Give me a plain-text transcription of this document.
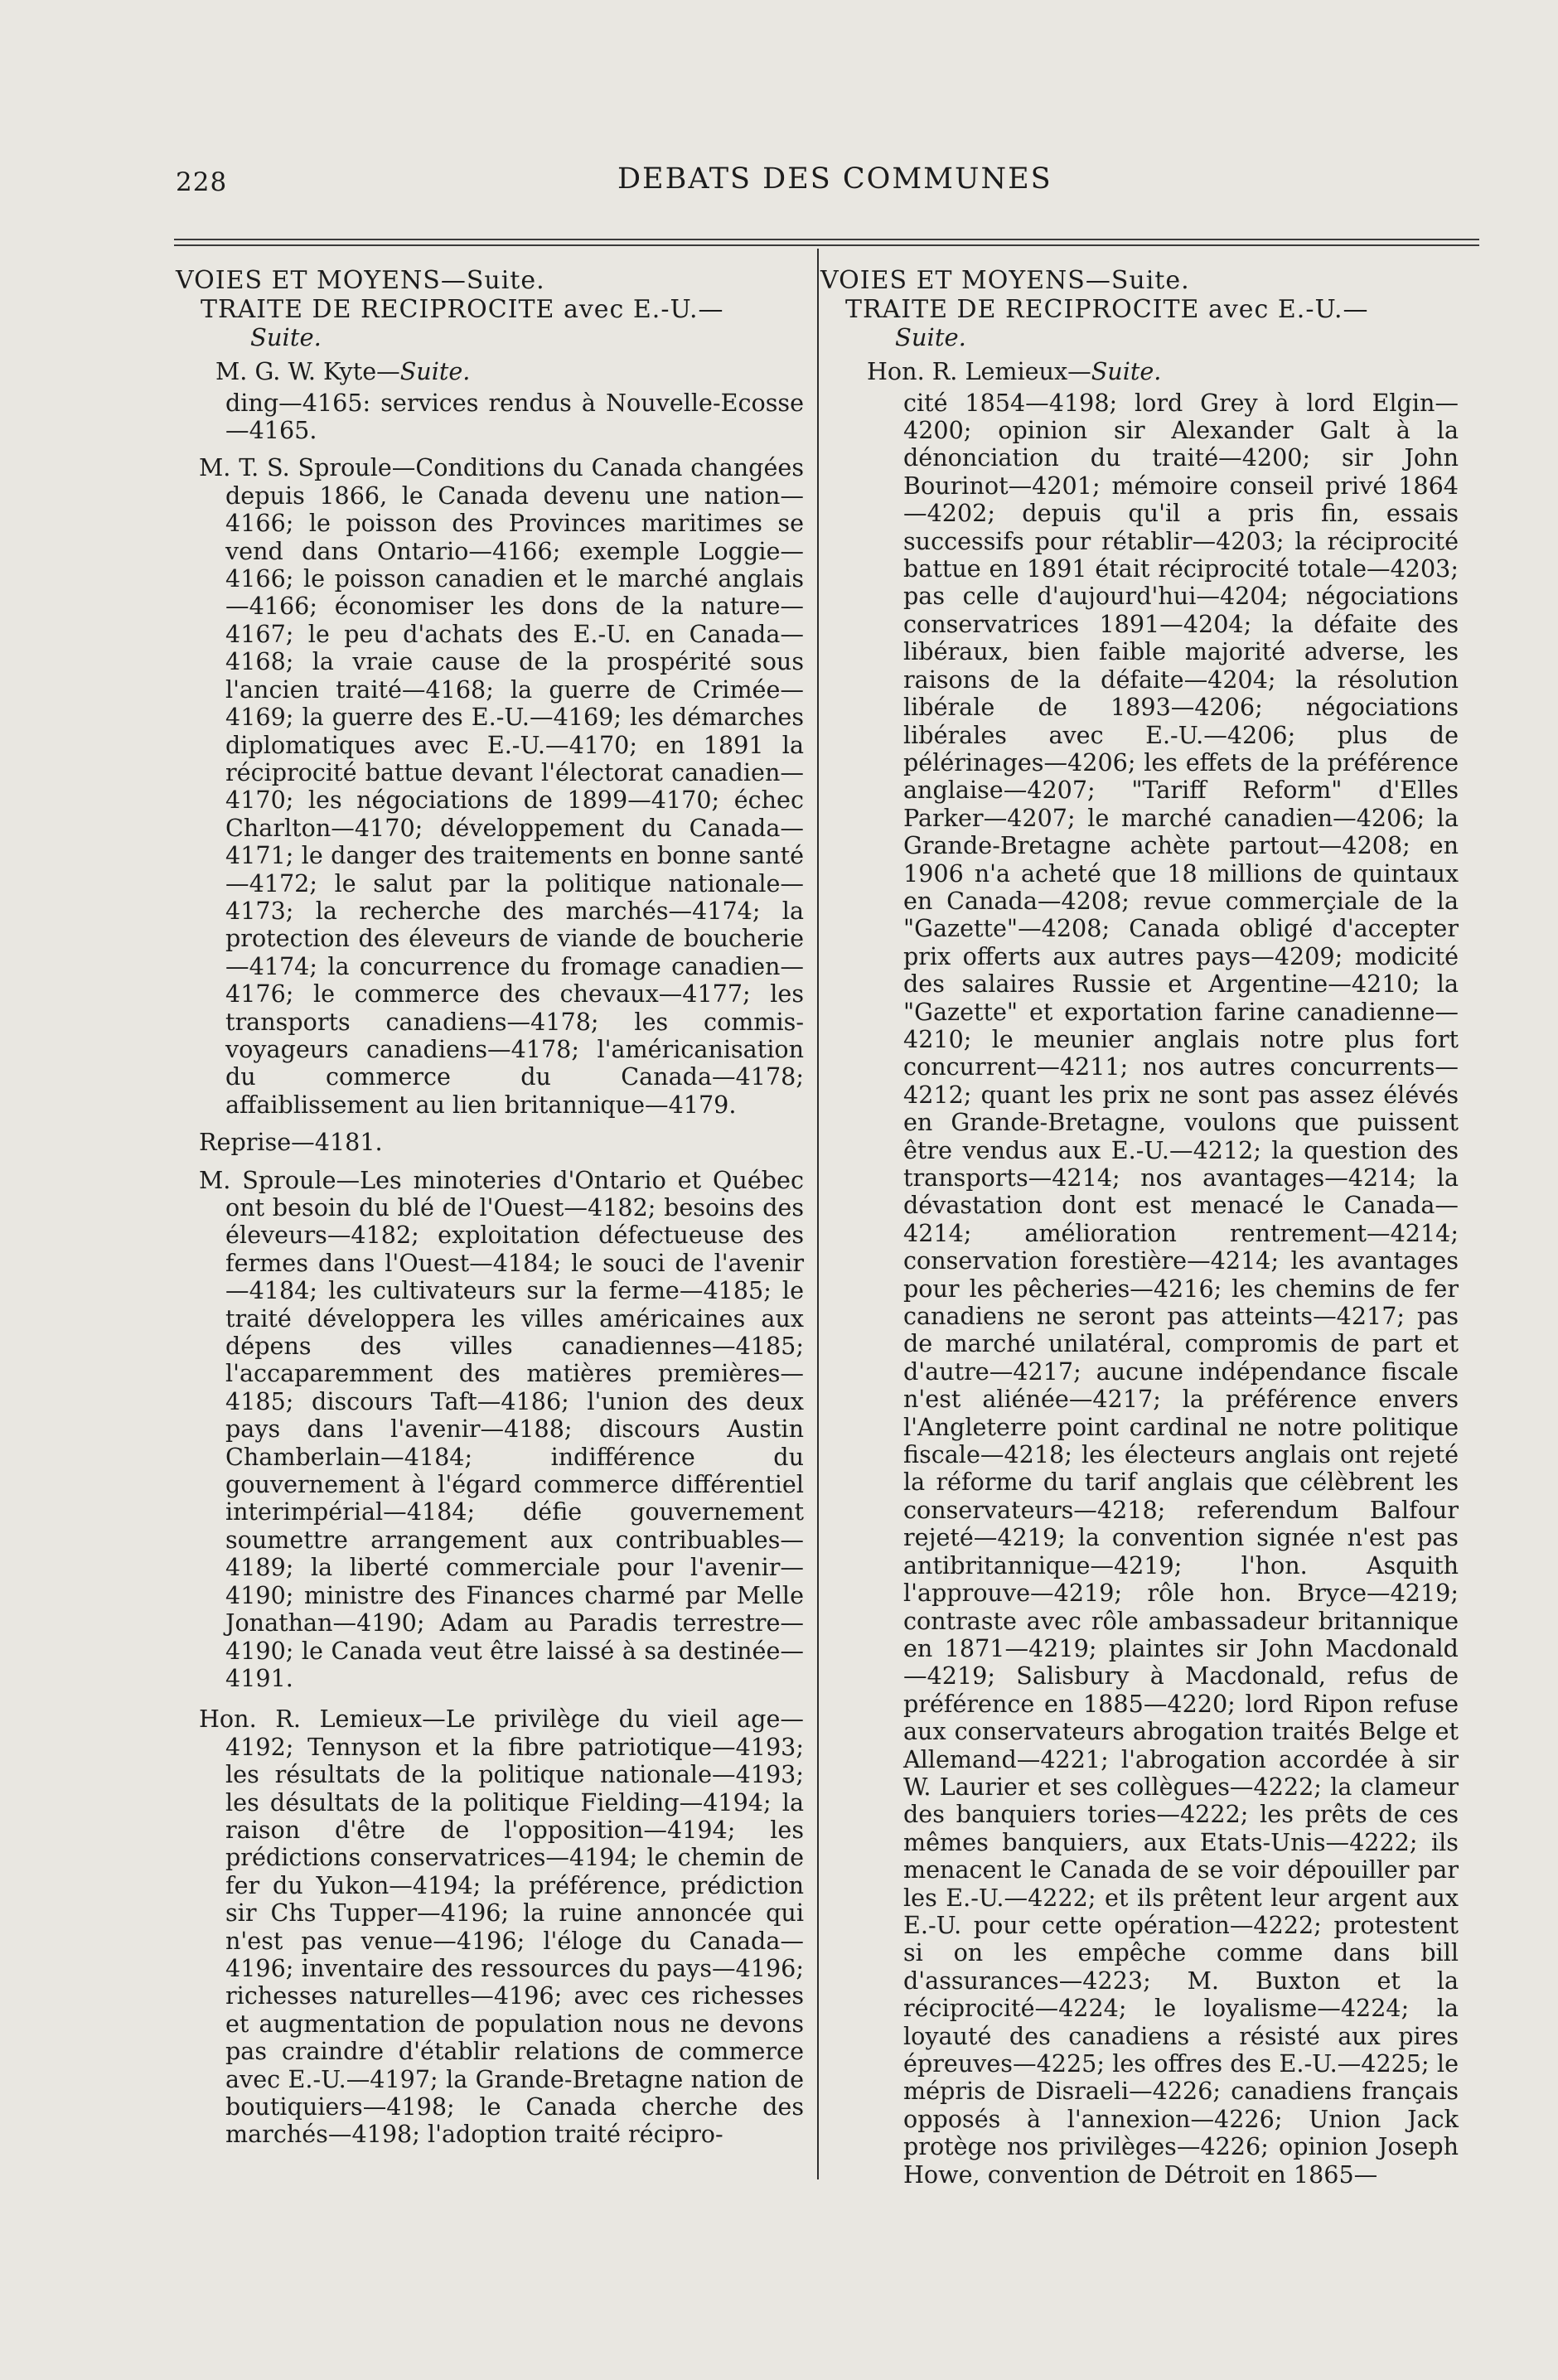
228	DEBATS DES COMMUNES
VOIES ET MOYENS—Suite.
TRAITE DE RECIPROCITE avec E.-U.—
Suite.
M. G. W. Kyte—Suite.

ding—4165: services rendus à Nouvelle-Ecosse—4165.

M. T. S. Sproule—Conditions du Canada changées depuis 1866, le Canada devenu une nation—4166; le poisson des Provinces maritimes se vend dans Ontario—4166; exemple Loggie—4166; le poisson canadien et le marché anglais—4166; économiser les dons de la nature—4167; le peu d'achats des E.-U. en Canada—4168; la vraie cause de la prospérité sous l'ancien traité—4168; la guerre de Crimée—4169; la guerre des E.-U.—4169; les démarches diplomatiques avec E.-U.—4170; en 1891 la réciprocité battue devant l'électorat canadien—4170; les négociations de 1899—4170; échec Charlton—4170; développement du Canada—4171; le danger des traitements en bonne santé—4172; le salut par la politique nationale—4173; la recherche des marchés—4174; la protection des éleveurs de viande de boucherie—4174; la concurrence du fromage canadien—4176; le commerce des chevaux—4177; les transports canadiens—4178; les commis-voyageurs canadiens—4178; l'américanisation du commerce du Canada—4178; affaiblissement au lien britannique—4179.

Reprise—4181.

M. Sproule—Les minoteries d'Ontario et Québec ont besoin du blé de l'Ouest—4182; besoins des éleveurs—4182; exploitation défectueuse des fermes dans l'Ouest—4184; le souci de l'avenir—4184; les cultivateurs sur la ferme—4185; le traité développera les villes américaines aux dépens des villes canadiennes—4185; l'accaparemment des matières premières—4185; discours Taft—4186; l'union des deux pays dans l'avenir—4188; discours Austin Chamberlain—4184; indifférence du gouvernement à l'égard commerce différentiel interimpérial—4184; défie gouvernement soumettre arrangement aux contribuables—4189; la liberté commerciale pour l'avenir—4190; ministre des Finances charmé par Melle Jonathan—4190; Adam au Paradis terrestre—4190; le Canada veut être laissé à sa destinée—4191.

Hon. R. Lemieux—Le privilège du vieil age—4192; Tennyson et la fibre patriotique—4193; les résultats de la politique nationale—4193; les désultats de la politique Fielding—4194; la raison d'être de l'opposition—4194; les prédictions conservatrices—4194; le chemin de fer du Yukon—4194; la préférence, prédiction sir Chs Tupper—4196; la ruine annoncée qui n'est pas venue—4196; l'éloge du Canada—4196; inventaire des ressources du pays—4196; richesses naturelles—4196; avec ces richesses et augmentation de population nous ne devons pas craindre d'établir relations de commerce avec E.-U.—4197; la Grande-Bretagne nation de boutiquiers—4198; le Canada cherche des marchés—4198; l'adoption traité récipro-

VOIES ET MOYENS—Suite.
TRAITE DE RECIPROCITE avec E.-U.—
Suite.
Hon. R. Lemieux—Suite.

cité 1854—4198; lord Grey à lord Elgin—4200; opinion sir Alexander Galt à la dénonciation du traité—4200; sir John Bourinot—4201; mémoire conseil privé 1864—4202; depuis qu'il a pris fin, essais successifs pour rétablir—4203; la réciprocité battue en 1891 était réciprocité totale—4203; pas celle d'aujourd'hui—4204; négociations conservatrices 1891—4204; la défaite des libéraux, bien faible majorité adverse, les raisons de la défaite—4204; la résolution libérale de 1893—4206; négociations libérales avec E.-U.—4206; plus de pélérinages—4206; les effets de la préférence anglaise—4207; "Tariff Reform" d'Elles Parker—4207; le marché canadien—4206; la Grande-Bretagne achète partout—4208; en 1906 n'a acheté que 18 millions de quintaux en Canada—4208; revue commerçiale de la "Gazette"—4208; Canada obligé d'accepter prix offerts aux autres pays—4209; modicité des salaires Russie et Argentine—4210; la "Gazette" et exportation farine canadienne—4210; le meunier anglais notre plus fort concurrent—4211; nos autres concurrents—4212; quant les prix ne sont pas assez élévés en Grande-Bretagne, voulons que puissent être vendus aux E.-U.—4212; la question des transports—4214; nos avantages—4214; la dévastation dont est menacé le Canada—4214; amélioration rentrement—4214; conservation forestière—4214; les avantages pour les pêcheries—4216; les chemins de fer canadiens ne seront pas atteints—4217; pas de marché unilatéral, compromis de part et d'autre—4217; aucune indépendance fiscale n'est aliénée—4217; la préférence envers l'Angleterre point cardinal ne notre politique fiscale—4218; les électeurs anglais ont rejeté la réforme du tarif anglais que célèbrent les conservateurs—4218; referendum Balfour rejeté—4219; la convention signée n'est pas antibritannique—4219; l'hon. Asquith l'approuve—4219; rôle hon. Bryce—4219; contraste avec rôle ambassadeur britannique en 1871—4219; plaintes sir John Macdonald—4219; Salisbury à Macdonald, refus de préférence en 1885—4220; lord Ripon refuse aux conservateurs abrogation traités Belge et Allemand—4221; l'abrogation accordée à sir W. Laurier et ses collègues—4222; la clameur des banquiers tories—4222; les prêts de ces mêmes banquiers, aux Etats-Unis—4222; ils menacent le Canada de se voir dépouiller par les E.-U.—4222; et ils prêtent leur argent aux E.-U. pour cette opération—4222; protestent si on les empêche comme dans bill d'assurances—4223; M. Buxton et la réciprocité—4224; le loyalisme—4224; la loyauté des canadiens a résisté aux pires épreuves—4225; les offres des E.-U.—4225; le mépris de Disraeli—4226; canadiens français opposés à l'annexion—4226; Union Jack protège nos privilèges—4226; opinion Joseph Howe, convention de Détroit en 1865—
